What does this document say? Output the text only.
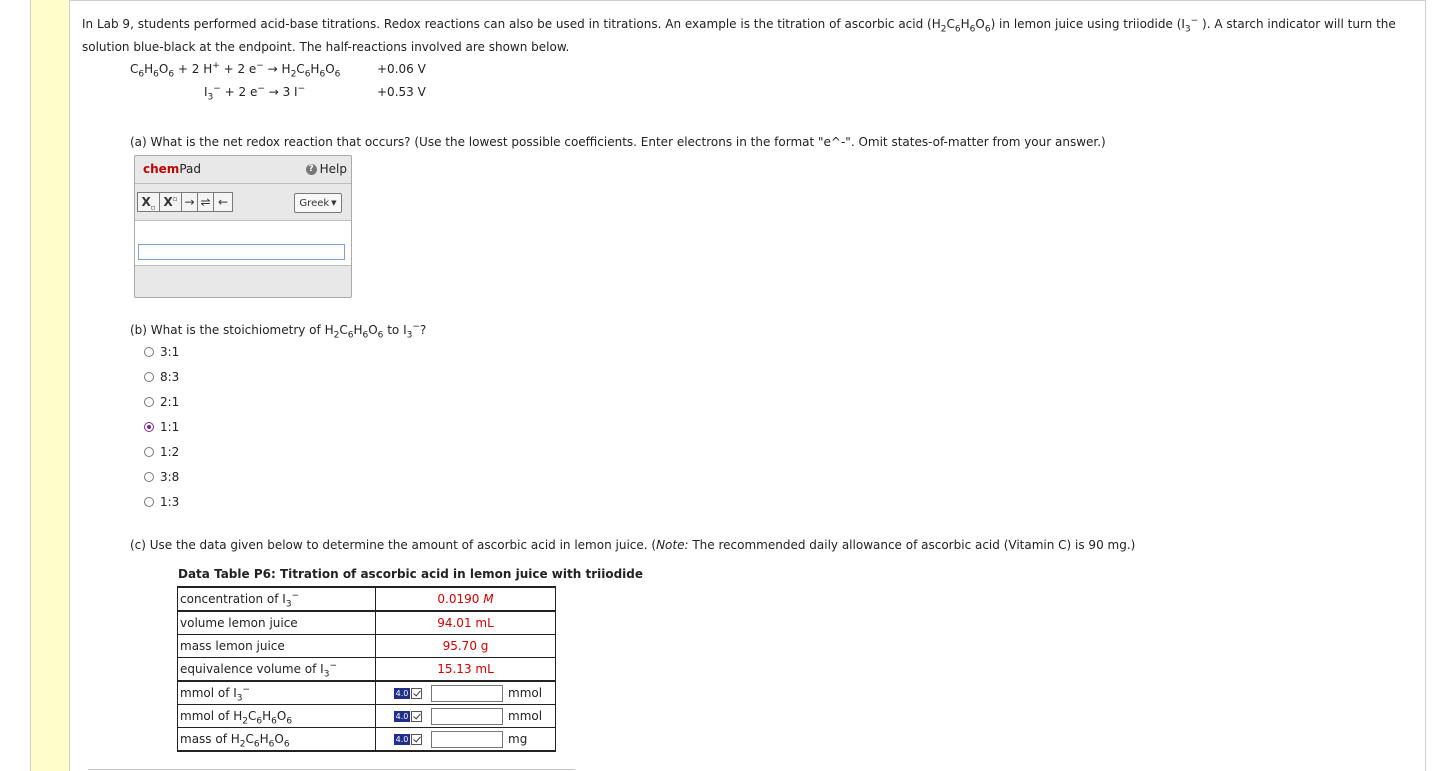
In Lab 9, students performed acid-base titrations. Redox reactions can also be used in titrations. An example is the titration of ascorbic acid $(H_2C_6H_6O_6)$ in lemon juice using triiodide ($I_3^-$ ). A starch indicator will turn the

solution blue-black at the endpoint. The half-reactions involved are shown below.

$C_6H_6O_6 + 2$ H+ + 2 $e^- \to H_2C_6H_6O_6$	+0.06 V
$I_3^- + 2$ e− → 3 I−	+0.53 V
(a) What is the net redox reaction that occurs? (Use the lowest possible coefficients. Enter electrons in the format "e^-". Omit states-of-matter from your answer.)
chemPad	? Help
$X_▫$ X▫ → ⇌ ←	Greek ▼
(b) What is the stoichiometry of $H_2C_6H_6O_6$ to $I_3^-$?
3:1
8:3
2:1
1:1
1:2
3:8
1:3
(c) Use the data given below to determine the amount of ascorbic acid in lemon juice. (Note: The recommended daily allowance of ascorbic acid (Vitamin C) is 90 mg.)
Data Table P6: Titration of ascorbic acid in lemon juice with triiodide
concentration of $I_3^-$	0.0190 M
volume lemon juice	94.01 mL
mass lemon juice	95.70 g
equivalence volume of $I_3^-$	15.13 mL
mmol of $I_3^-$	4.0 mmol

mmol of $H_2C_6H_6O_6$	4.0 mmol

mass of $H_2C_6H_6O_6$	4.0 mg
